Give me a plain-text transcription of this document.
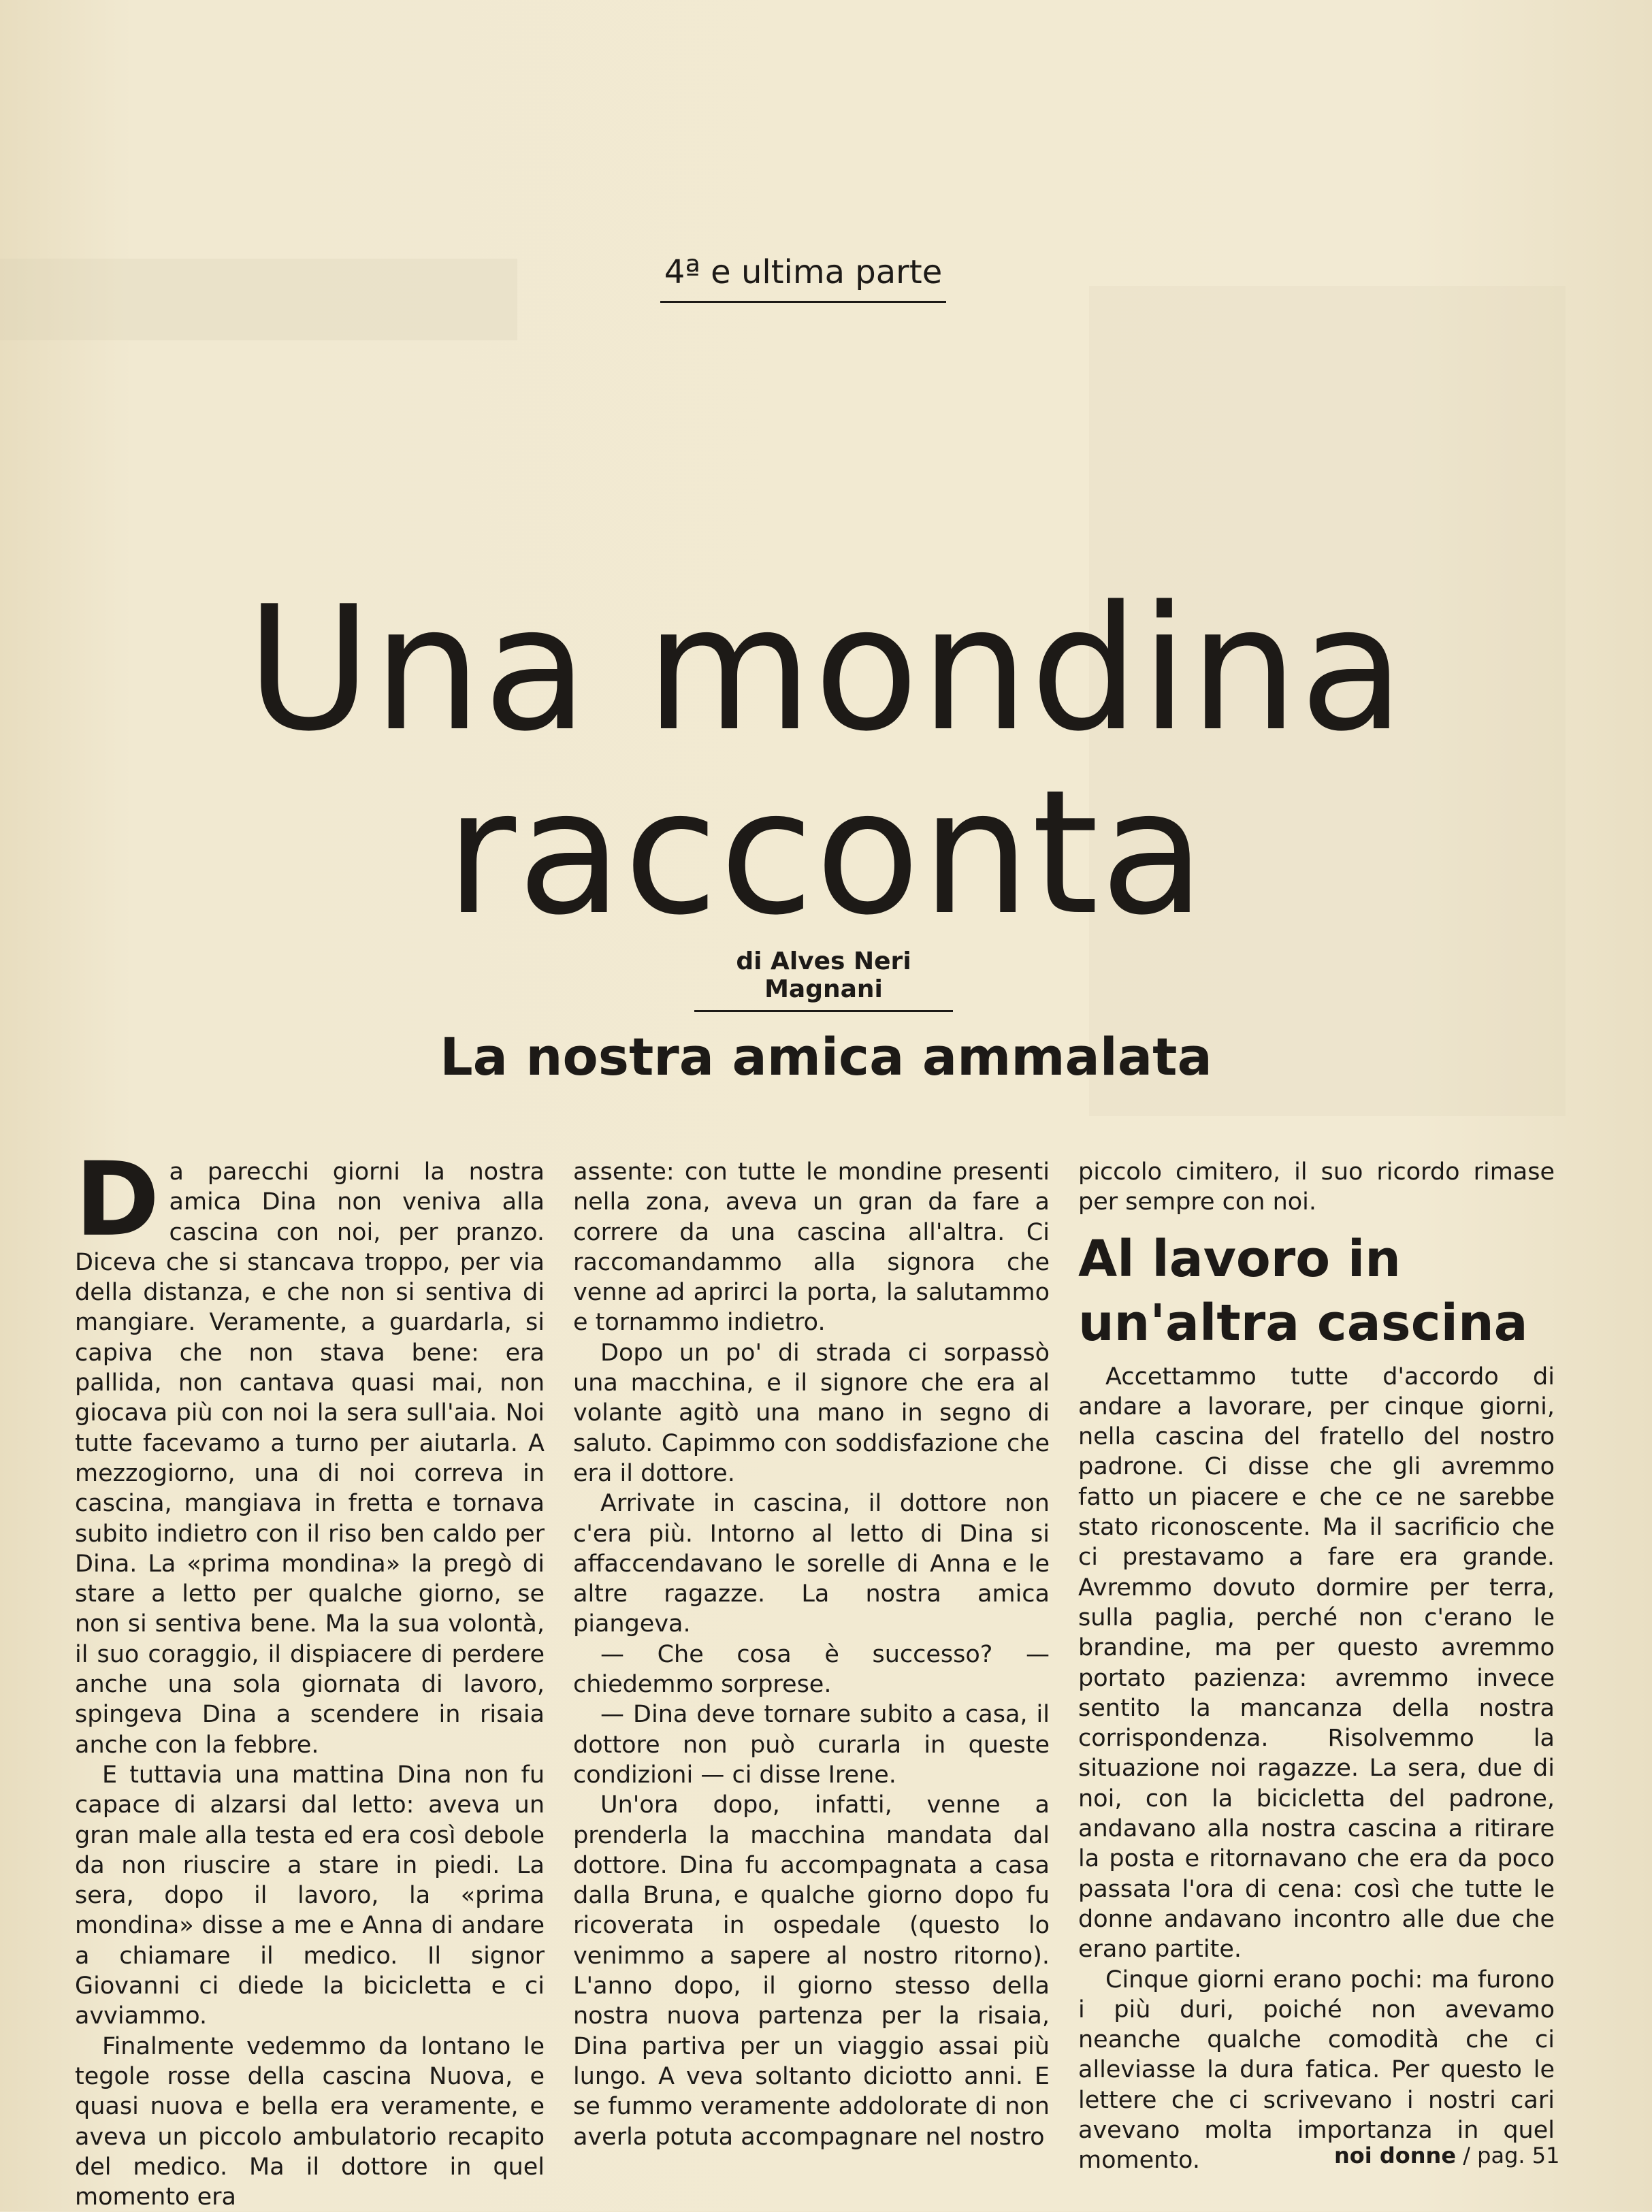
4ª e ultima parte
Una mondina
racconta
di Alves Neri Magnani
La nostra amica ammalata

Da parecchi giorni la nostra amica Dina non veniva alla cascina con noi, per pranzo. Diceva che si stancava troppo, per via della distanza, e che non si sentiva di mangiare. Veramente, a guardarla, si capiva che non stava bene: era pallida, non cantava quasi mai, non giocava più con noi la sera sull'aia. Noi tutte facevamo a turno per aiutarla. A mezzogiorno, una di noi correva in cascina, mangiava in fretta e tornava subito indietro con il riso ben caldo per Dina. La «prima mondina» la pregò di stare a letto per qualche giorno, se non si sentiva bene. Ma la sua volontà, il suo coraggio, il dispiacere di perdere anche una sola giornata di lavoro, spingeva Dina a scendere in risaia anche con la febbre.

E tuttavia una mattina Dina non fu capace di alzarsi dal letto: aveva un gran male alla testa ed era così debole da non riuscire a stare in piedi. La sera, dopo il lavoro, la «prima mondina» disse a me e Anna di andare a chiamare il medico. Il signor Giovanni ci diede la bicicletta e ci avviammo.

Finalmente vedemmo da lontano le tegole rosse della cascina Nuova, e quasi nuova e bella era veramente, e aveva un piccolo ambulatorio recapito del medico. Ma il dottore in quel momento era

assente: con tutte le mondine presenti nella zona, aveva un gran da fare a correre da una cascina all'altra. Ci raccomandammo alla signora che venne ad aprirci la porta, la salutammo e tornammo indietro.

Dopo un po' di strada ci sorpassò una macchina, e il signore che era al volante agitò una mano in segno di saluto. Capimmo con soddisfazione che era il dottore.

Arrivate in cascina, il dottore non c'era più. Intorno al letto di Dina si affaccendavano le sorelle di Anna e le altre ragazze. La nostra amica piangeva.

— Che cosa è successo? — chiedemmo sorprese.

— Dina deve tornare subito a casa, il dottore non può curarla in queste condizioni — ci disse Irene.

Un'ora dopo, infatti, venne a prenderla la macchina mandata dal dottore. Dina fu accompagnata a casa dalla Bruna, e qualche giorno dopo fu ricoverata in ospedale (questo lo venimmo a sapere al nostro ritorno). L'anno dopo, il giorno stesso della nostra nuova partenza per la risaia, Dina partiva per un viaggio assai più lungo. A veva soltanto diciotto anni. E se fummo veramente addolorate di non averla potuta accompagnare nel nostro

piccolo cimitero, il suo ricordo rimase per sempre con noi.

Al lavoro in un'altra cascina

Accettammo tutte d'accordo di andare a lavorare, per cinque giorni, nella cascina del fratello del nostro padrone. Ci disse che gli avremmo fatto un piacere e che ce ne sarebbe stato riconoscente. Ma il sacrificio che ci prestavamo a fare era grande. Avremmo dovuto dormire per terra, sulla paglia, perché non c'erano le brandine, ma per questo avremmo portato pazienza: avremmo invece sentito la mancanza della nostra corrispondenza. Risolvemmo la situazione noi ragazze. La sera, due di noi, con la bicicletta del padrone, andavano alla nostra cascina a ritirare la posta e ritornavano che era da poco passata l'ora di cena: così che tutte le donne andavano incontro alle due che erano partite.

Cinque giorni erano pochi: ma furono i più duri, poiché non avevamo neanche qualche comodità che ci alleviasse la dura fatica. Per questo le lettere che ci scrivevano i nostri cari avevano molta importanza in quel momento.	noi donne / pag. 51
